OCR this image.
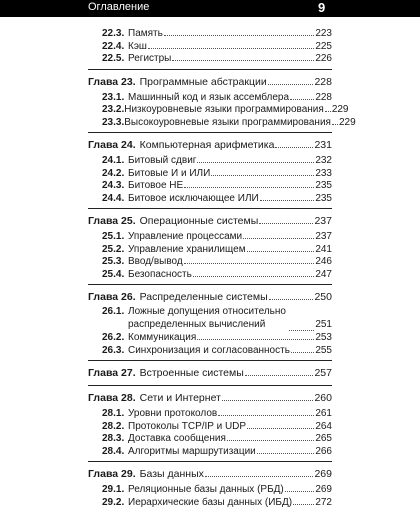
Оглавление	9
22.3. Память	223
22.4. Кэш	225
22.5. Регистры	226
Глава 23. Программные абстракции	228
23.1. Машинный код и язык ассемблера	228
23.2. Низкоуровневые языки программирования 229
23.3. Высокоуровневые языки программирования 229
Глава 24. Компьютерная арифметика	231
24.1. Битовый сдвиг	232
24.2. Битовые И и ИЛИ	233
24.3. Битовое НЕ	235
24.4. Битовое исключающее ИЛИ	235
Глава 25. Операционные системы	237
25.1. Управление процессами	237
25.2. Управление хранилищем	241
25.3. Ввод/вывод	246
25.4. Безопасность	247
Глава 26. Распределенные системы	250
26.1. Ложные допущения относительно распределенных вычислений	251
26.2. Коммуникация	253
26.3. Синхронизация и согласованность	255
Глава 27. Встроенные системы	257
Глава 28. Сети и Интернет	260
28.1. Уровни протоколов	261
28.2. Протоколы TCP/IP и UDP	264
28.3. Доставка сообщения	265
28.4. Алгоритмы маршрутизации	266
Глава 29. Базы данных	269
29.1. Реляционные базы данных (РБД)	269
29.2. Иерархические базы данных (ИБД) 272
